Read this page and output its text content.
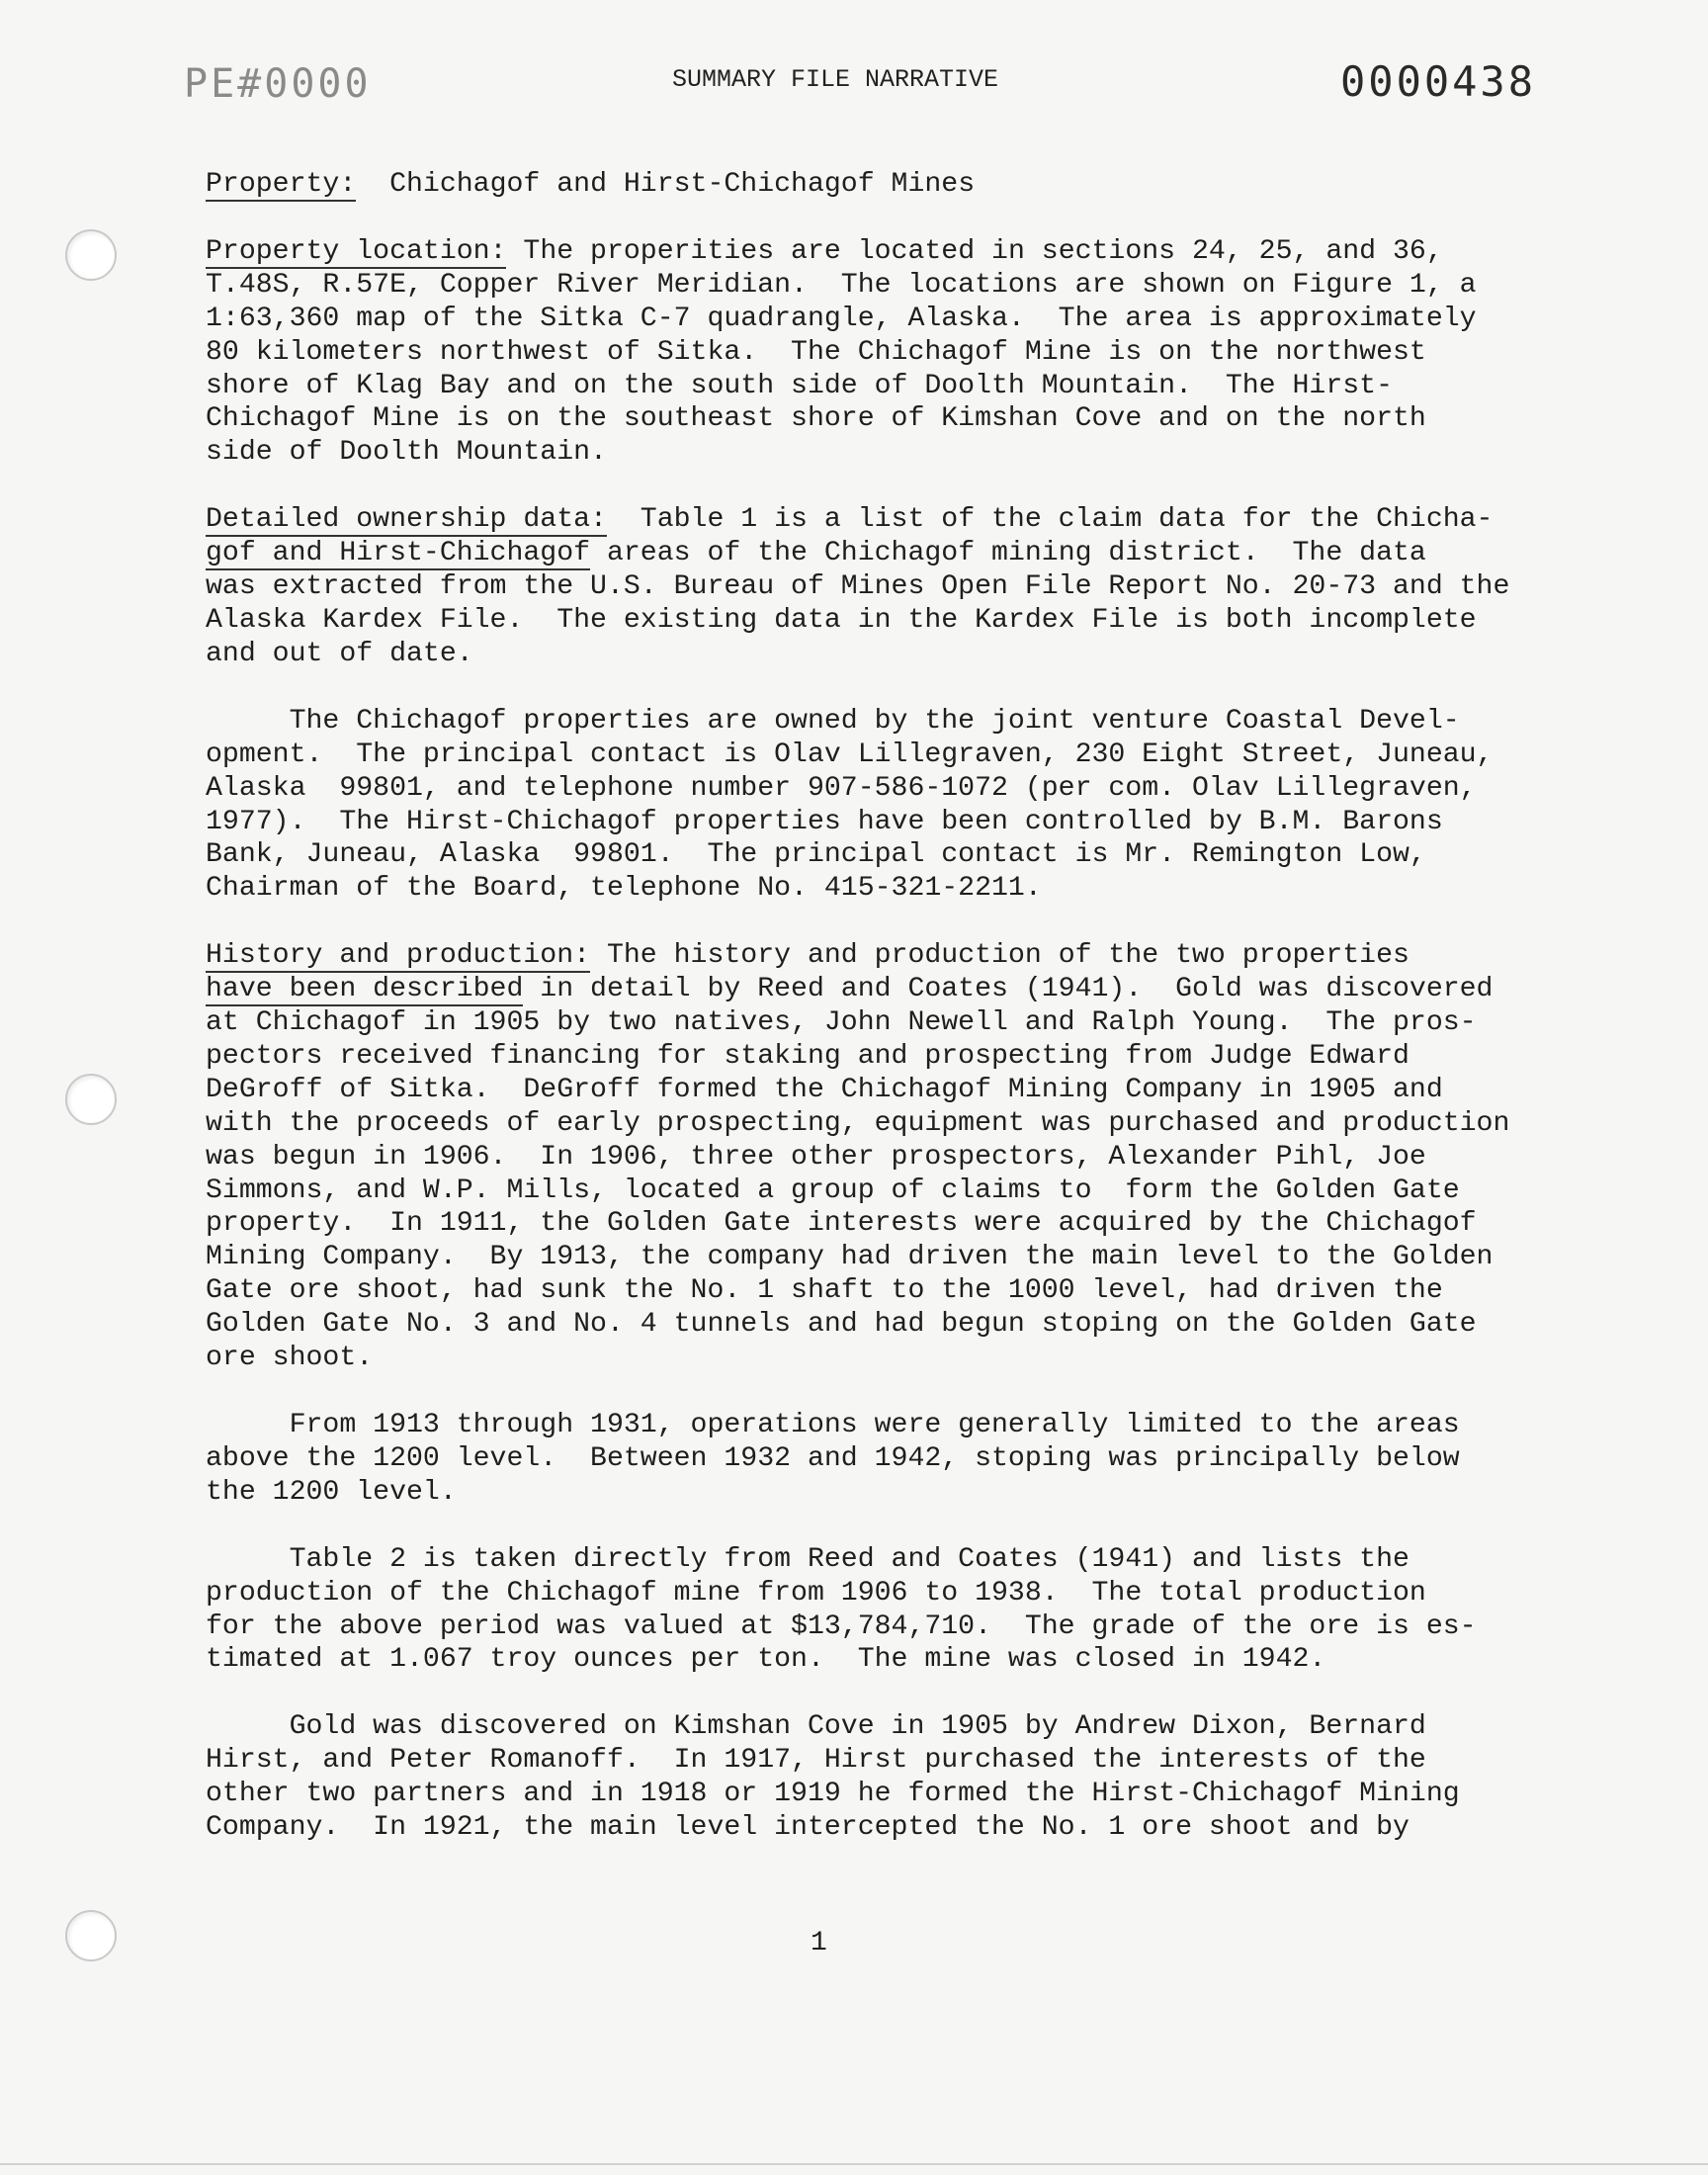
PE#0000	SUMMARY FILE NARRATIVE	0000438

Property:  Chichagof and Hirst-Chichagof Mines

Property location: The properities are located in sections 24, 25, and 36,

T.48S, R.57E, Copper River Meridian.  The locations are shown on Figure 1, a

1:63,360 map of the Sitka C-7 quadrangle, Alaska.  The area is approximately

80 kilometers northwest of Sitka.  The Chichagof Mine is on the northwest

shore of Klag Bay and on the south side of Doolth Mountain.  The Hirst-

Chichagof Mine is on the southeast shore of Kimshan Cove and on the north

side of Doolth Mountain.

Detailed ownership data:  Table 1 is a list of the claim data for the Chicha-

gof and Hirst-Chichagof areas of the Chichagof mining district.  The data

was extracted from the U.S. Bureau of Mines Open File Report No. 20-73 and the

Alaska Kardex File.  The existing data in the Kardex File is both incomplete

and out of date.

The Chichagof properties are owned by the joint venture Coastal Devel-

opment.  The principal contact is Olav Lillegraven, 230 Eight Street, Juneau,

Alaska  99801, and telephone number 907-586-1072 (per com. Olav Lillegraven,

1977).  The Hirst-Chichagof properties have been controlled by B.M. Barons

Bank, Juneau, Alaska  99801.  The principal contact is Mr. Remington Low,

Chairman of the Board, telephone No. 415-321-2211.

History and production: The history and production of the two properties

have been described in detail by Reed and Coates (1941).  Gold was discovered

at Chichagof in 1905 by two natives, John Newell and Ralph Young.  The pros-

pectors received financing for staking and prospecting from Judge Edward

DeGroff of Sitka.  DeGroff formed the Chichagof Mining Company in 1905 and

with the proceeds of early prospecting, equipment was purchased and production

was begun in 1906.  In 1906, three other prospectors, Alexander Pihl, Joe

Simmons, and W.P. Mills, located a group of claims to  form the Golden Gate

property.  In 1911, the Golden Gate interests were acquired by the Chichagof

Mining Company.  By 1913, the company had driven the main level to the Golden

Gate ore shoot, had sunk the No. 1 shaft to the 1000 level, had driven the

Golden Gate No. 3 and No. 4 tunnels and had begun stoping on the Golden Gate

ore shoot.

From 1913 through 1931, operations were generally limited to the areas

above the 1200 level.  Between 1932 and 1942, stoping was principally below

the 1200 level.

Table 2 is taken directly from Reed and Coates (1941) and lists the

production of the Chichagof mine from 1906 to 1938.  The total production

for the above period was valued at $13,784,710.  The grade of the ore is es-

timated at 1.067 troy ounces per ton.  The mine was closed in 1942.

Gold was discovered on Kimshan Cove in 1905 by Andrew Dixon, Bernard

Hirst, and Peter Romanoff.  In 1917, Hirst purchased the interests of the

other two partners and in 1918 or 1919 he formed the Hirst-Chichagof Mining

Company.  In 1921, the main level intercepted the No. 1 ore shoot and by

1
